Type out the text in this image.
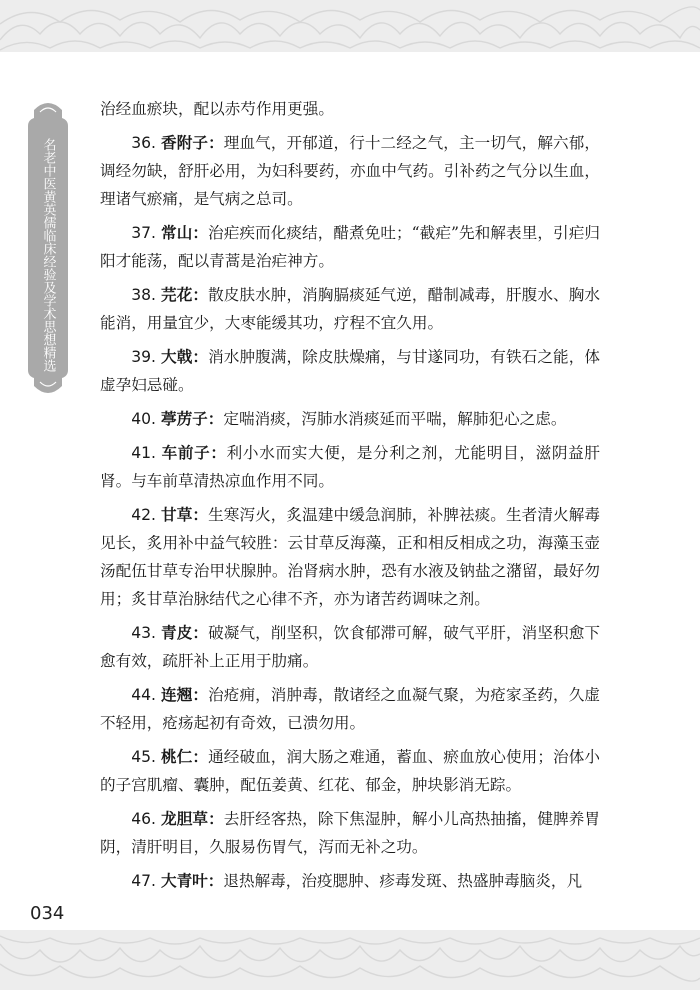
名老中医黄英儒临床经验及学术思想精选

治经血瘀块，配以赤芍作用更强。

36. 香附子：理血气，开郁道，行十二经之气，主一切气，解六郁，调经勿缺，舒肝必用，为妇科要药，亦血中气药。引补药之气分以生血，理诸气瘀痛，是气病之总司。

37. 常山：治疟疾而化痰结，醋煮免吐；“截疟”先和解表里，引疟归阳才能荡，配以青蒿是治疟神方。

38. 芫花：散皮肤水肿，消胸膈痰延气逆，醋制减毒，肝腹水、胸水能消，用量宜少，大枣能缓其功，疗程不宜久用。

39. 大戟：消水肿腹满，除皮肤燥痛，与甘遂同功，有铁石之能，体虚孕妇忌碰。

40. 葶苈子：定喘消痰，泻肺水消痰延而平喘，解肺犯心之虑。

41. 车前子：利小水而实大便，是分利之剂，尤能明目，滋阴益肝肾。与车前草清热凉血作用不同。

42. 甘草：生寒泻火，炙温建中缓急润肺，补脾祛痰。生者清火解毒见长，炙用补中益气较胜：云甘草反海藻，正和相反相成之功，海藻玉壶汤配伍甘草专治甲状腺肿。治肾病水肿，恐有水液及钠盐之潴留，最好勿用；炙甘草治脉结代之心律不齐，亦为诸苦药调味之剂。

43. 青皮：破凝气，削坚积，饮食郁滞可解，破气平肝，消坚积愈下愈有效，疏肝补上正用于肋痛。

44. 连翘：治疮痈，消肿毒，散诸经之血凝气聚，为疮家圣药，久虚不轻用，疮疡起初有奇效，已溃勿用。

45. 桃仁：通经破血，润大肠之难通，蓄血、瘀血放心使用；治体小的子宫肌瘤、囊肿，配伍姜黄、红花、郁金，肿块影消无踪。

46. 龙胆草：去肝经客热，除下焦湿肿，解小儿高热抽搐，健脾养胃阴，清肝明目，久服易伤胃气，泻而无补之功。

47. 大青叶：退热解毒，治疫腮肿、疹毒发斑、热盛肿毒脑炎，凡

034
